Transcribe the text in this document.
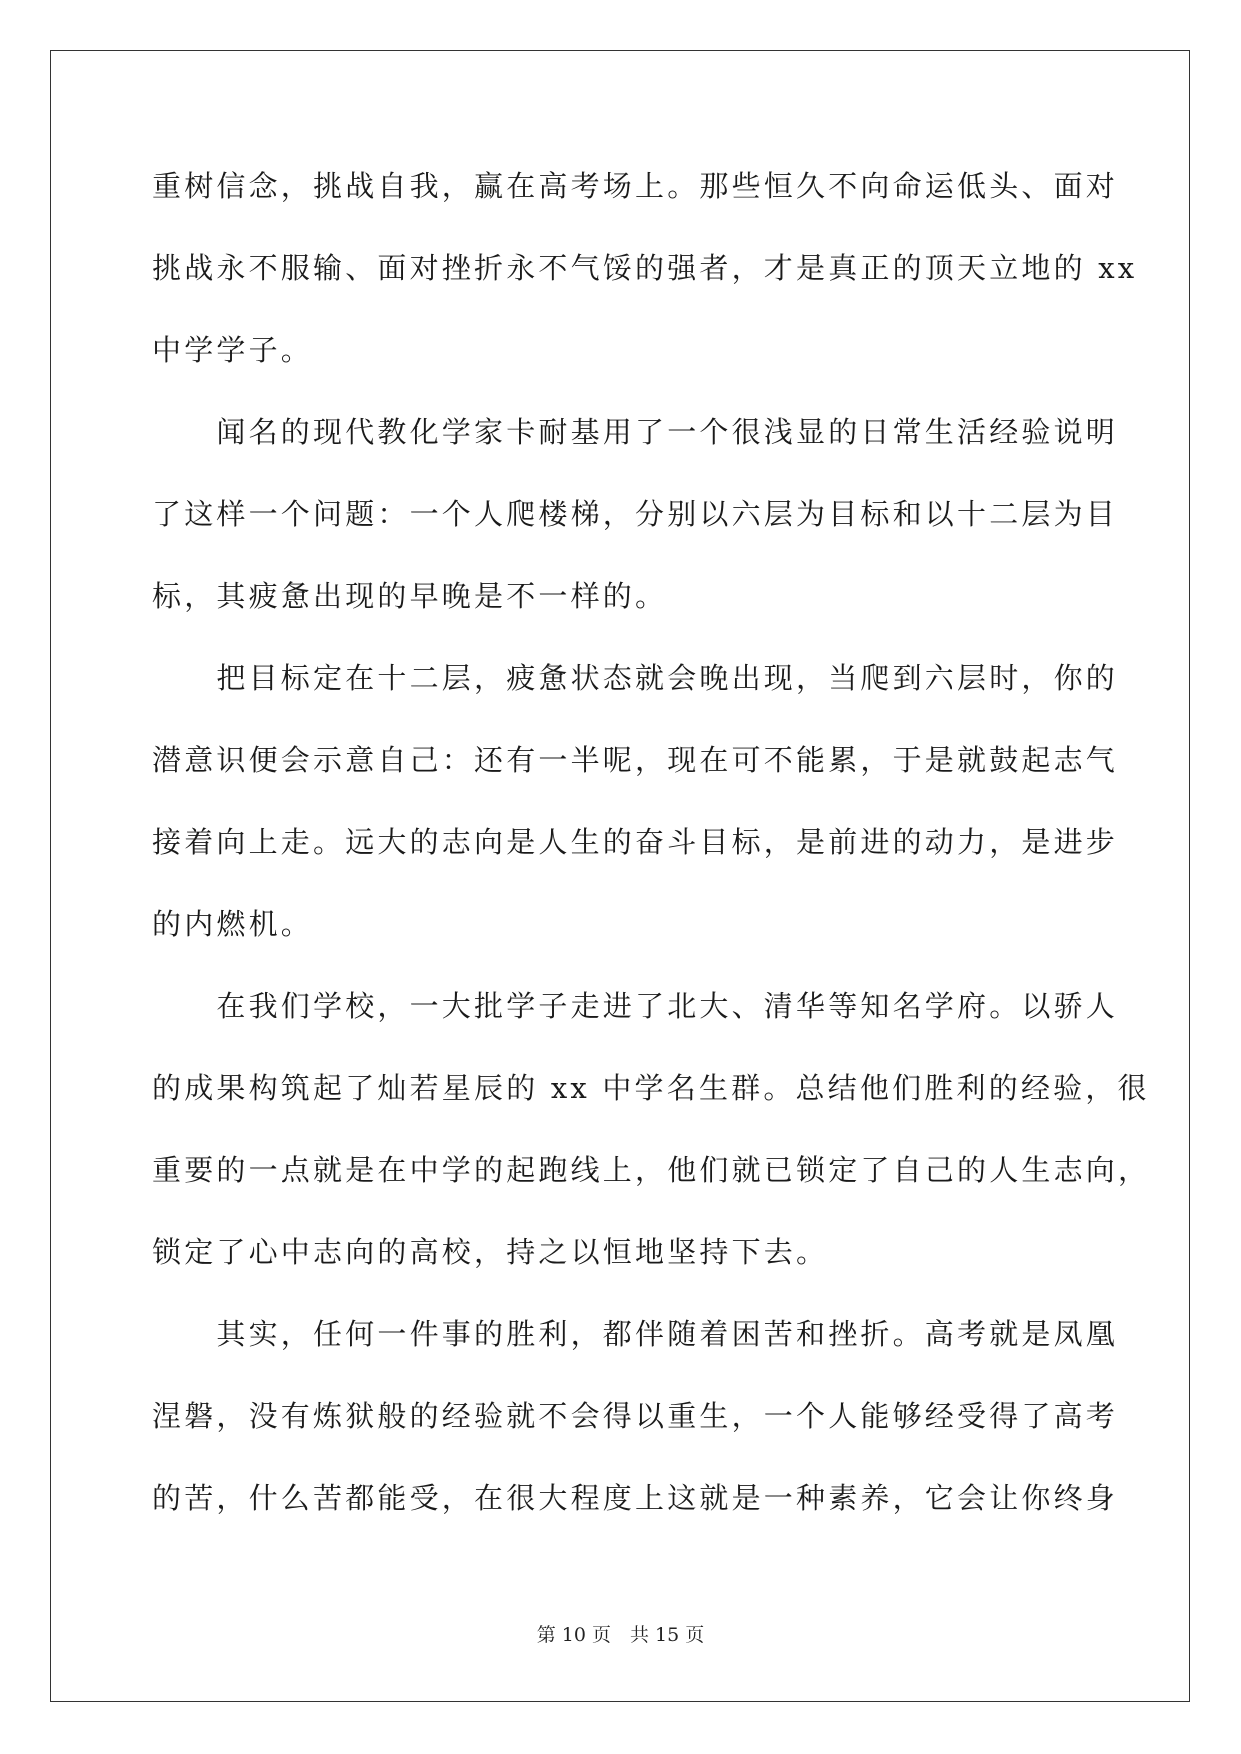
重树信念，挑战自我，赢在高考场上。那些恒久不向命运低头、面对
挑战永不服输、面对挫折永不气馁的强者，才是真正的顶天立地的 xx
中学学子。
　　闻名的现代教化学家卡耐基用了一个很浅显的日常生活经验说明
了这样一个问题：一个人爬楼梯，分别以六层为目标和以十二层为目
标，其疲惫出现的早晚是不一样的。
　　把目标定在十二层，疲惫状态就会晚出现，当爬到六层时，你的
潜意识便会示意自己：还有一半呢，现在可不能累，于是就鼓起志气
接着向上走。远大的志向是人生的奋斗目标，是前进的动力，是进步
的内燃机。
　　在我们学校，一大批学子走进了北大、清华等知名学府。以骄人
的成果构筑起了灿若星辰的 xx 中学名生群。总结他们胜利的经验，很
重要的一点就是在中学的起跑线上，他们就已锁定了自己的人生志向，
锁定了心中志向的高校，持之以恒地坚持下去。
　　其实，任何一件事的胜利，都伴随着困苦和挫折。高考就是凤凰
涅磐，没有炼狱般的经验就不会得以重生，一个人能够经受得了高考
的苦，什么苦都能受，在很大程度上这就是一种素养，它会让你终身
第 10 页　共 15 页
